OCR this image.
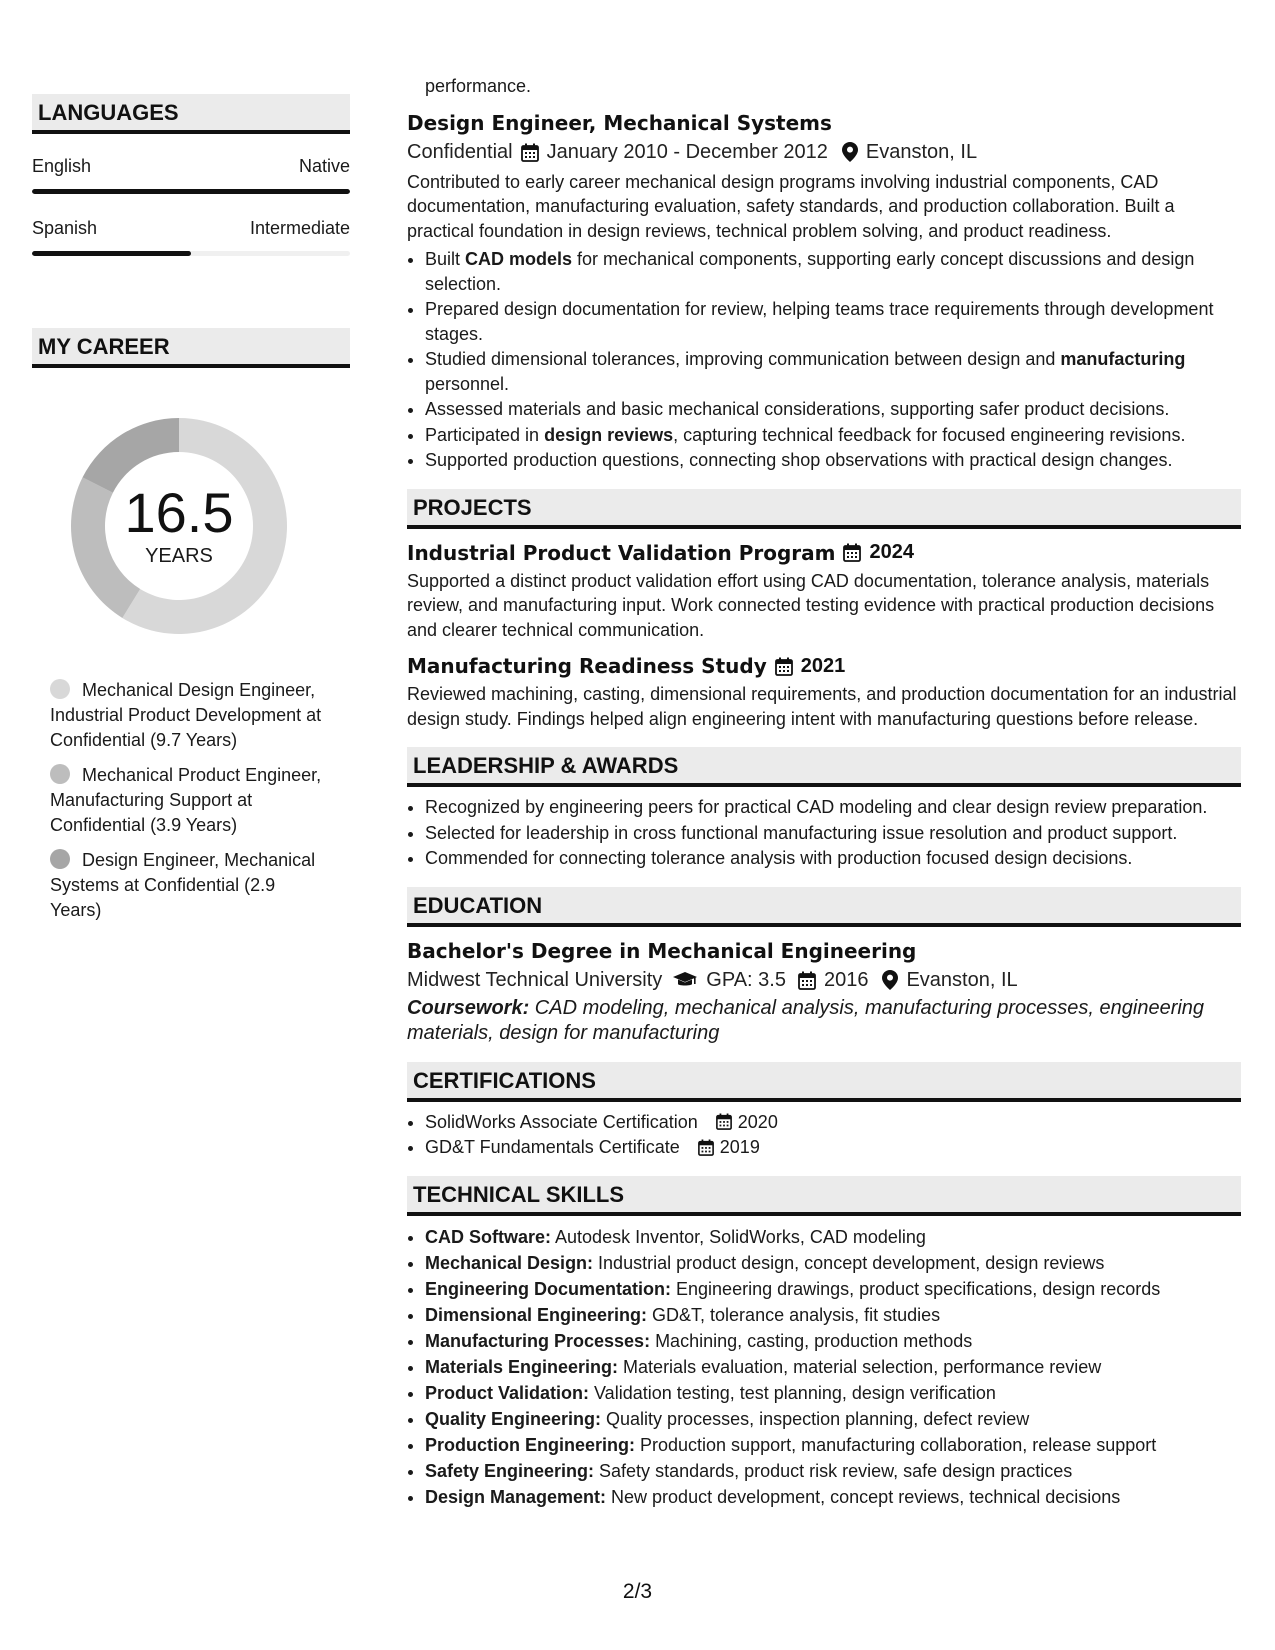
LANGUAGES
English	Native
Spanish	Intermediate
MY CAREER
16.5
YEARS
Mechanical Design Engineer, Industrial Product Development at Confidential (9.7 Years)
Mechanical Product Engineer, Manufacturing Support at Confidential (3.9 Years)
Design Engineer, Mechanical Systems at Confidential (2.9 Years)
performance.
Design Engineer, Mechanical Systems
Confidential January 2010 - December 2012 Evanston, IL
Contributed to early career mechanical design programs involving industrial components, CAD documentation, manufacturing evaluation, safety standards, and production collaboration. Built a practical foundation in design reviews, technical problem solving, and product readiness.
• Built CAD models for mechanical components, supporting early concept discussions and design selection.
• Prepared design documentation for review, helping teams trace requirements through development stages.
• Studied dimensional tolerances, improving communication between design and manufacturing personnel.
• Assessed materials and basic mechanical considerations, supporting safer product decisions.
• Participated in design reviews, capturing technical feedback for focused engineering revisions.
• Supported production questions, connecting shop observations with practical design changes.
PROJECTS
Industrial Product Validation Program 2024
Supported a distinct product validation effort using CAD documentation, tolerance analysis, materials review, and manufacturing input. Work connected testing evidence with practical production decisions and clearer technical communication.
Manufacturing Readiness Study 2021
Reviewed machining, casting, dimensional requirements, and production documentation for an industrial design study. Findings helped align engineering intent with manufacturing questions before release.
LEADERSHIP & AWARDS
• Recognized by engineering peers for practical CAD modeling and clear design review preparation.
• Selected for leadership in cross functional manufacturing issue resolution and product support.
• Commended for connecting tolerance analysis with production focused design decisions.
EDUCATION
Bachelor's Degree in Mechanical Engineering
Midwest Technical University GPA: 3.5 2016 Evanston, IL
Coursework: CAD modeling, mechanical analysis, manufacturing processes, engineering materials, design for manufacturing
CERTIFICATIONS
• SolidWorks Associate Certification 2020
• GD&T Fundamentals Certificate 2019
TECHNICAL SKILLS
• CAD Software: Autodesk Inventor, SolidWorks, CAD modeling
• Mechanical Design: Industrial product design, concept development, design reviews
• Engineering Documentation: Engineering drawings, product specifications, design records
• Dimensional Engineering: GD&T, tolerance analysis, fit studies
• Manufacturing Processes: Machining, casting, production methods
• Materials Engineering: Materials evaluation, material selection, performance review
• Product Validation: Validation testing, test planning, design verification
• Quality Engineering: Quality processes, inspection planning, defect review
• Production Engineering: Production support, manufacturing collaboration, release support
• Safety Engineering: Safety standards, product risk review, safe design practices
• Design Management: New product development, concept reviews, technical decisions
2/3
